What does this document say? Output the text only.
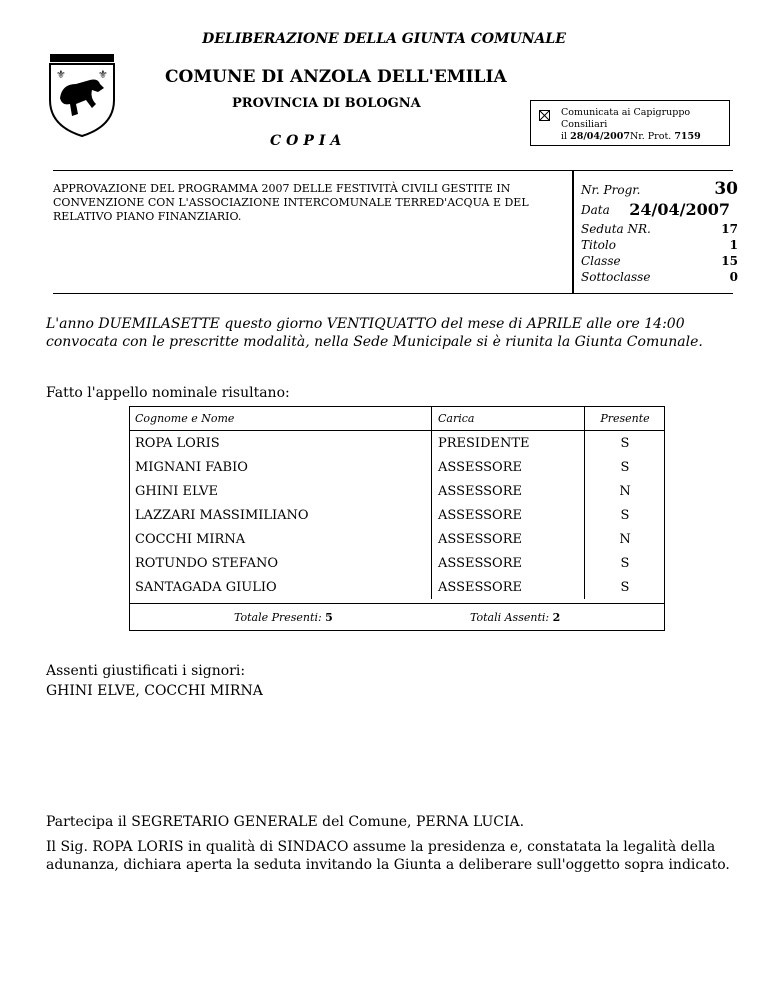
DELIBERAZIONE DELLA GIUNTA COMUNALE
⚜	⚜	COMUNE DI ANZOLA DELL'EMILIA
PROVINCIA DI BOLOGNA
Comunicata ai Capigruppo Consiliari
il 28/04/2007Nr. Prot. 7159
COPIA
APPROVAZIONE DEL PROGRAMMA 2007 DELLE FESTIVITÀ CIVILI GESTITE IN CONVENZIONE CON L'ASSOCIAZIONE INTERCOMUNALE TERRED'ACQUA E DEL RELATIVO PIANO FINANZIARIO.
Nr. Progr.	30
Data 24/04/2007
Seduta NR.	17
Titolo	1
Classe	15
Sottoclasse	0
L'anno DUEMILASETTE questo giorno VENTIQUATTO del mese di APRILE alle ore 14:00 convocata con le prescritte modalità, nella Sede Municipale si è riunita la Giunta Comunale.
Fatto l'appello nominale risultano:
Cognome e Nome	Carica	Presente
ROPA LORIS	PRESIDENTE	S
MIGNANI FABIO	ASSESSORE	S
GHINI ELVE	ASSESSORE	N
LAZZARI MASSIMILIANO	ASSESSORE	S
COCCHI MIRNA	ASSESSORE	N
ROTUNDO STEFANO	ASSESSORE	S
SANTAGADA GIULIO	ASSESSORE	S
Totale Presenti: 5	Totali Assenti: 2
Assenti giustificati i signori:
GHINI ELVE, COCCHI MIRNA
Partecipa il SEGRETARIO GENERALE del Comune, PERNA LUCIA.
Il Sig. ROPA LORIS in qualità di SINDACO assume la presidenza e, constatata la legalità della adunanza, dichiara aperta la seduta invitando la Giunta a deliberare sull'oggetto sopra indicato.
